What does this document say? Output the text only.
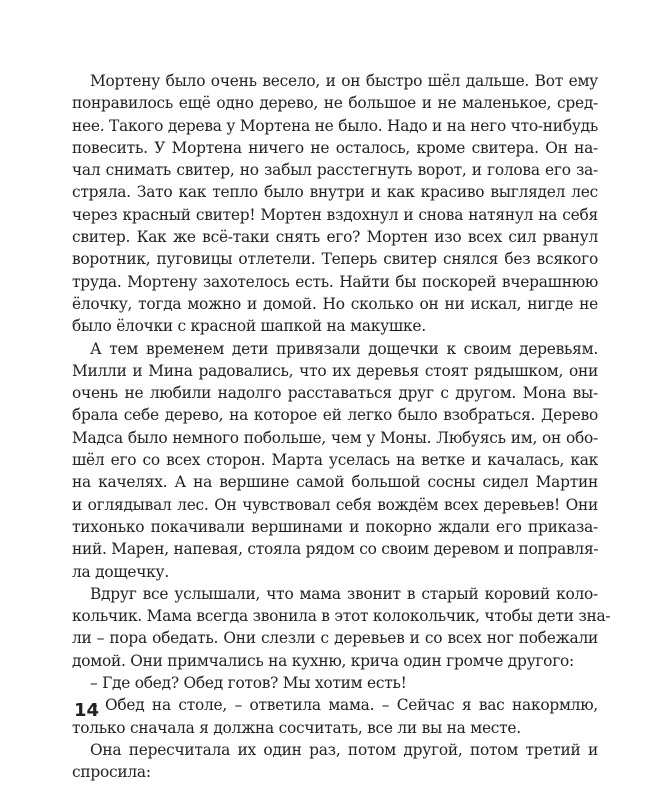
Мортену было очень весело, и он быстро шёл дальше. Вот ему
понравилось ещё одно дерево, не большое и не маленькое, сред-
нее. Такого дерева у Мортена не было. Надо и на него что-нибудь
повесить. У Мортена ничего не осталось, кроме свитера. Он на-
чал снимать свитер, но забыл расстегнуть ворот, и голова его за-
стряла. Зато как тепло было внутри и как красиво выглядел лес
через красный свитер! Мортен вздохнул и снова натянул на себя
свитер. Как же всё-таки снять его? Мортен изо всех сил рванул
воротник, пуговицы отлетели. Теперь свитер снялся без всякого
труда. Мортену захотелось есть. Найти бы поскорей вчерашнюю
ёлочку, тогда можно и домой. Но сколько он ни искал, нигде не
было ёлочки с красной шапкой на макушке.
А тем временем дети привязали дощечки к своим деревьям.
Милли и Мина радовались, что их деревья стоят рядышком, они
очень не любили надолго расставаться друг с другом. Мона вы-
брала себе дерево, на которое ей легко было взобраться. Дерево
Мадса было немного побольше, чем у Моны. Любуясь им, он обо-
шёл его со всех сторон. Марта уселась на ветке и качалась, как
на качелях. А на вершине самой большой сосны сидел Мартин
и оглядывал лес. Он чувствовал себя вождём всех деревьев! Они
тихонько покачивали вершинами и покорно ждали его приказа-
ний. Марен, напевая, стояла рядом со своим деревом и поправля-
ла дощечку.
Вдруг все услышали, что мама звонит в старый коровий коло-
кольчик. Мама всегда звонила в этот колокольчик, чтобы дети зна-
ли – пора обедать. Они слезли с деревьев и со всех ног побежали
домой. Они примчались на кухню, крича один громче другого:
– Где обед? Обед готов? Мы хотим есть!
– Обед на столе, – ответила мама. – Сейчас я вас накормлю,
только сначала я должна сосчитать, все ли вы на месте.
Она пересчитала их один раз, потом другой, потом третий и
спросила:
14
